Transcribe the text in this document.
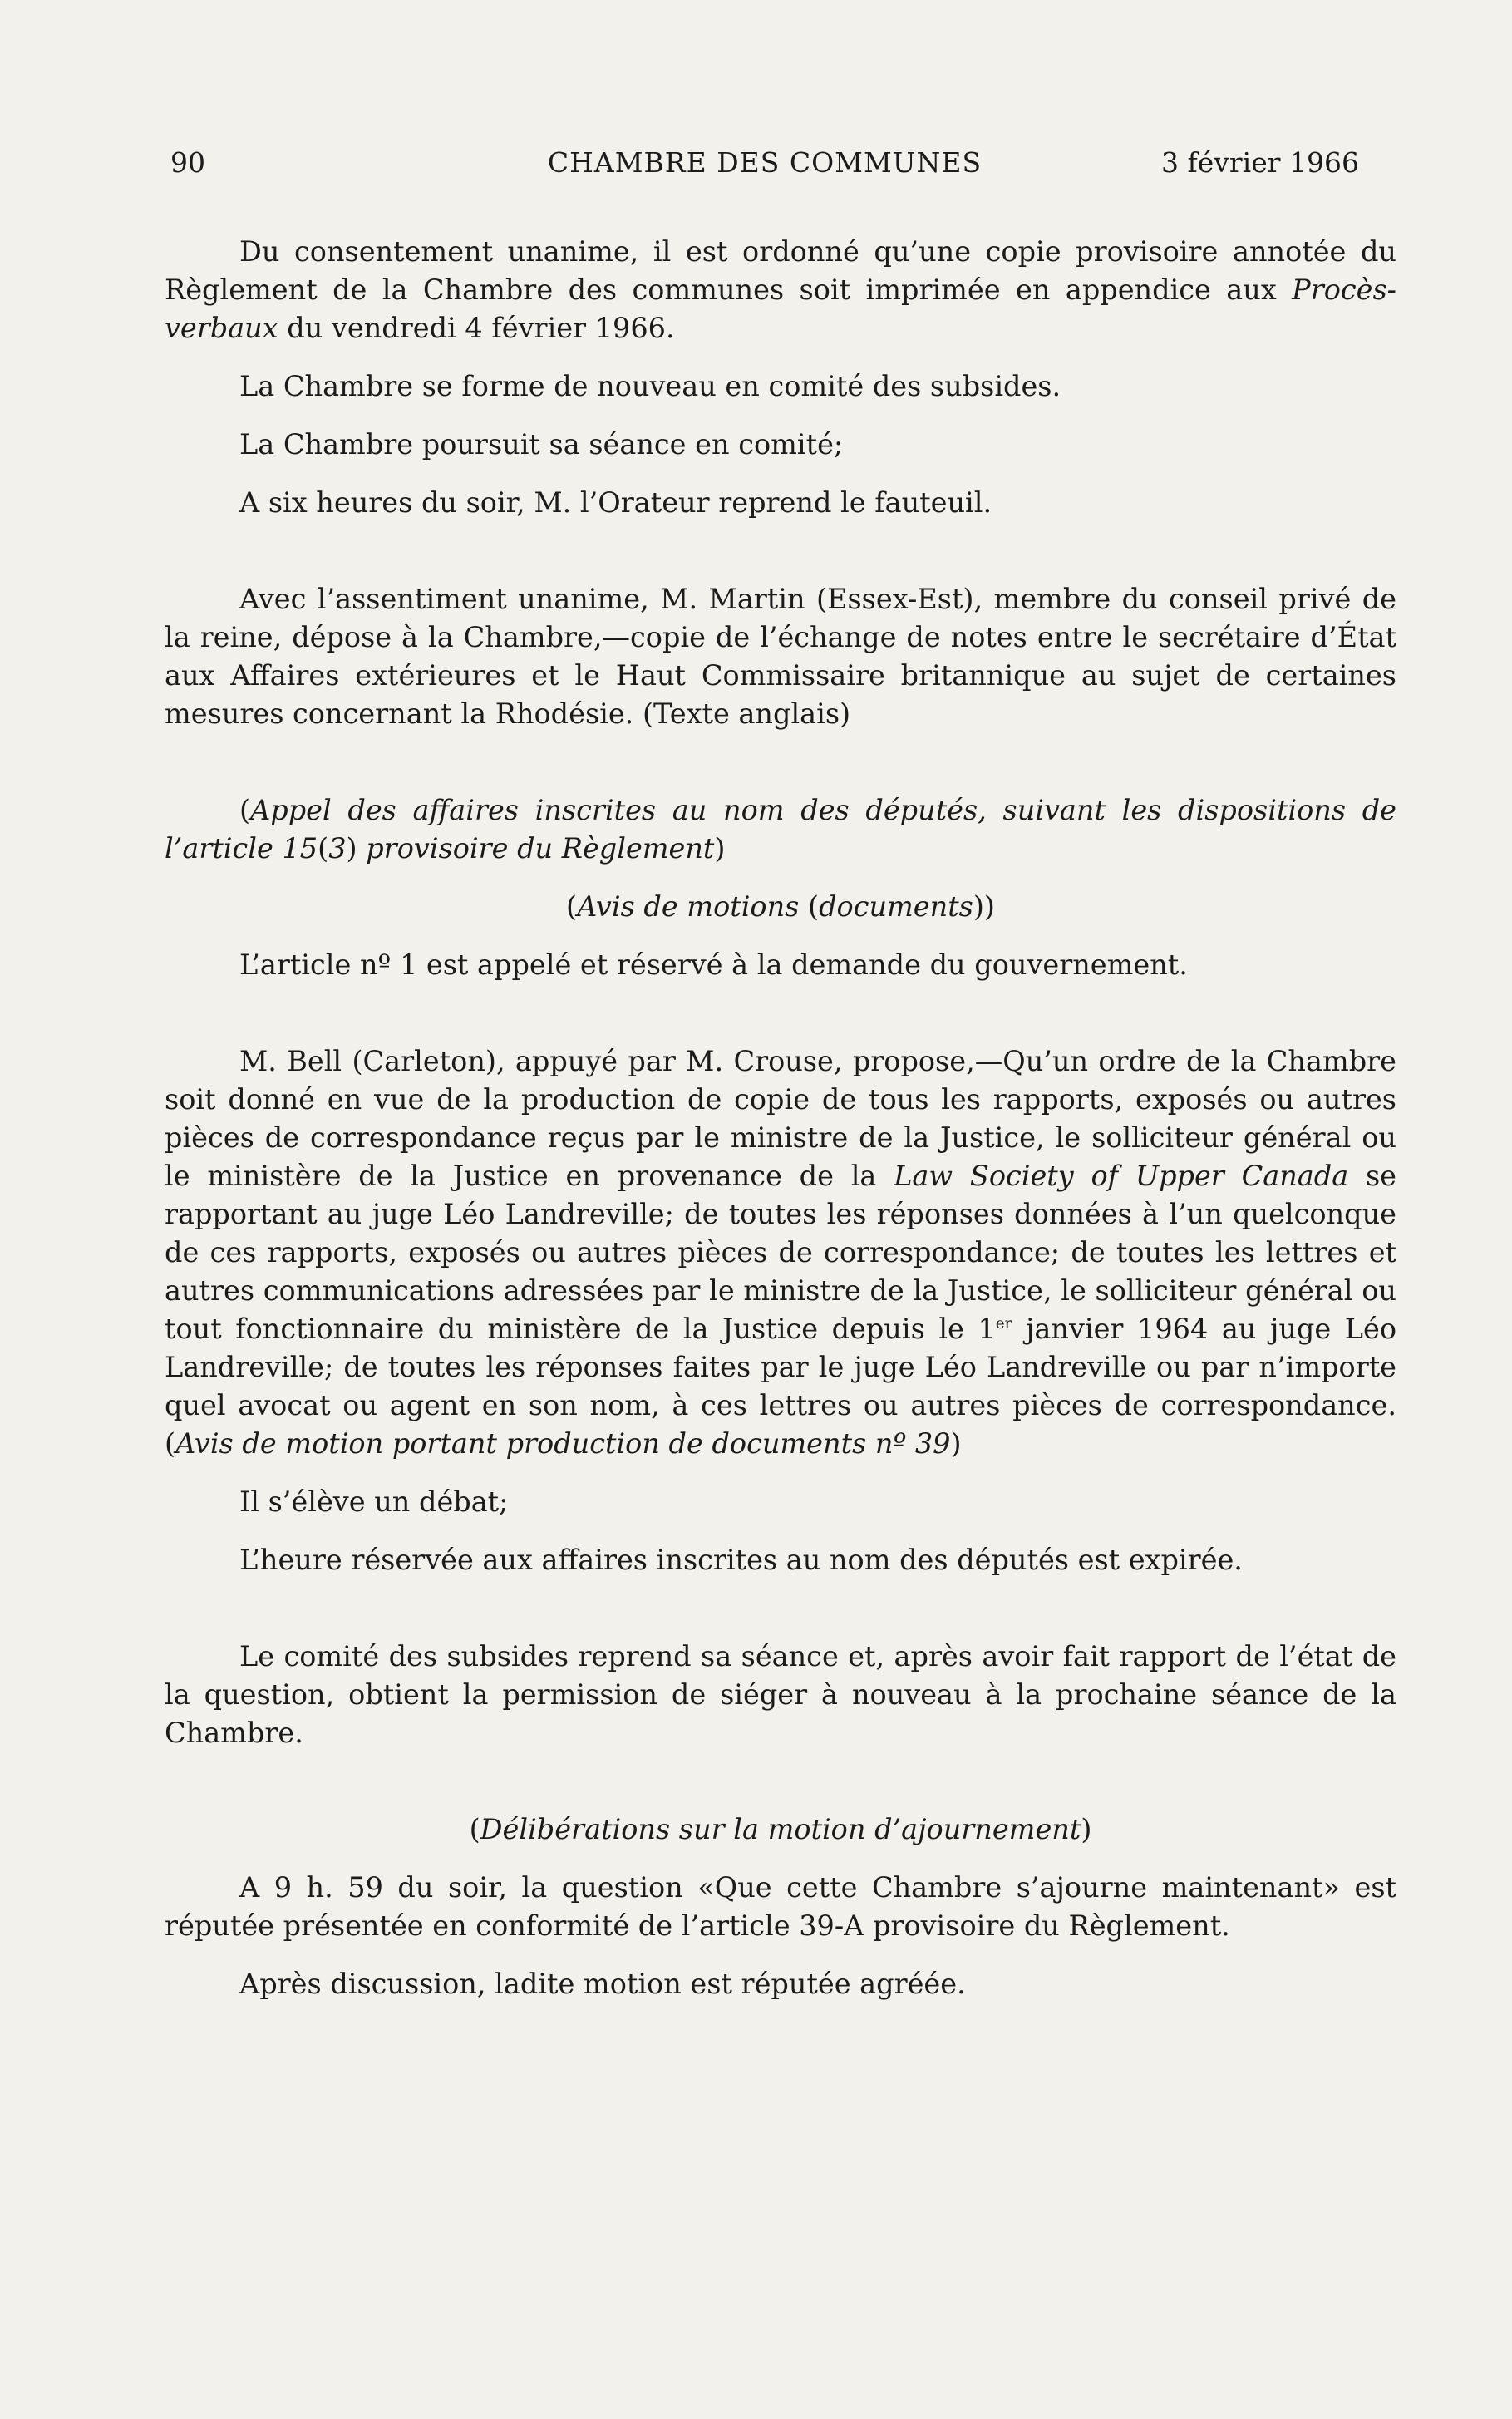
90	CHAMBRE DES COMMUNES	3 février 1966

Du consentement unanime, il est ordonné qu’une copie provisoire annotée du Règlement de la Chambre des communes soit imprimée en appendice aux Procès-verbaux du vendredi 4 février 1966.

La Chambre se forme de nouveau en comité des subsides.

La Chambre poursuit sa séance en comité;

A six heures du soir, M. l’Orateur reprend le fauteuil.

Avec l’assentiment unanime, M. Martin (Essex-Est), membre du conseil privé de la reine, dépose à la Chambre,—copie de l’échange de notes entre le secrétaire d’État aux Affaires extérieures et le Haut Commissaire britannique au sujet de certaines mesures concernant la Rhodésie. (Texte anglais)

(Appel des affaires inscrites au nom des députés, suivant les dispositions de l’article 15(3) provisoire du Règlement)

(Avis de motions (documents))

L’article nº 1 est appelé et réservé à la demande du gouvernement.

M. Bell (Carleton), appuyé par M. Crouse, propose,—Qu’un ordre de la Chambre soit donné en vue de la production de copie de tous les rapports, exposés ou autres pièces de correspondance reçus par le ministre de la Justice, le solliciteur général ou le ministère de la Justice en provenance de la Law Society of Upper Canada se rapportant au juge Léo Landreville; de toutes les réponses données à l’un quelconque de ces rapports, exposés ou autres pièces de correspondance; de toutes les lettres et autres communications adressées par le ministre de la Justice, le solliciteur général ou tout fonctionnaire du ministère de la Justice depuis le 1er janvier 1964 au juge Léo Landreville; de toutes les réponses faites par le juge Léo Landreville ou par n’importe quel avocat ou agent en son nom, à ces lettres ou autres pièces de correspondance. (Avis de motion portant production de documents nº 39)

Il s’élève un débat;

L’heure réservée aux affaires inscrites au nom des députés est expirée.

Le comité des subsides reprend sa séance et, après avoir fait rapport de l’état de la question, obtient la permission de siéger à nouveau à la prochaine séance de la Chambre.

(Délibérations sur la motion d’ajournement)

A 9 h. 59 du soir, la question «Que cette Chambre s’ajourne maintenant» est réputée présentée en conformité de l’article 39-A provisoire du Règlement.

Après discussion, ladite motion est réputée agréée.
